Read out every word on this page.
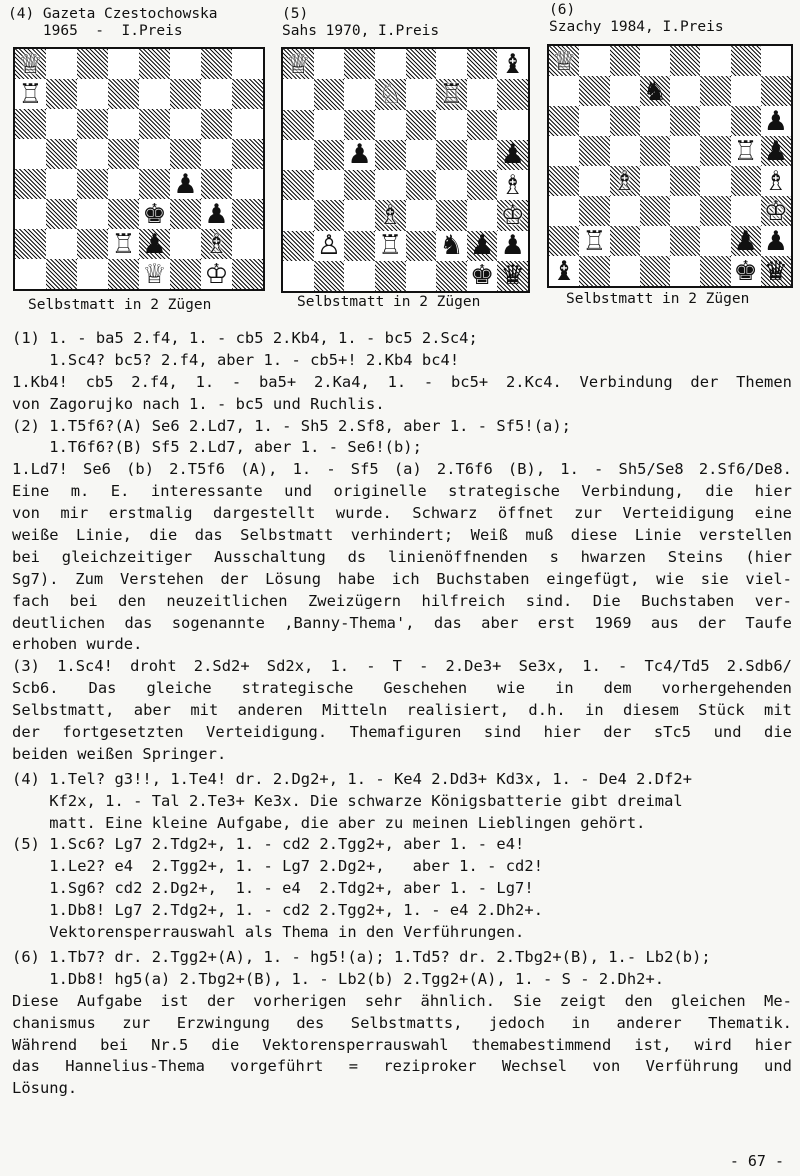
(4) Gazeta Czestochowska
1965  -  I.Preis
♕
♖
♟
♚ ♟
♖ ♟ ♗
♕ ♔
Selbstmatt in 2 Zügen
(5)
Sahs 1970, I.Preis
♕	♝
♘ ♖
♟	♟
♗
♗	♔
♙ ♖ ♞ ♟ ♟
♚ ♛
Selbstmatt in 2 Zügen
(6)
Szachy 1984, I.Preis
♕
♞
♟
♖ ♟
♗	♗
♔
♖	♟ ♟
♝	♚ ♛
Selbstmatt in 2 Zügen
(1) 1. - ba5 2.f4, 1. - cb5 2.Kb4, 1. - bc5 2.Sc4;
1.Sc4? bc5? 2.f4, aber 1. - cb5+! 2.Kb4 bc4!
1.Kb4! cb5 2.f4, 1. - ba5+ 2.Ka4, 1. - bc5+ 2.Kc4. Verbindung der Themen
von Zagorujko nach 1. - bc5 und Ruchlis.
(2) 1.T5f6?(A) Se6 2.Ld7, 1. - Sh5 2.Sf8, aber 1. - Sf5!(a);
1.T6f6?(B) Sf5 2.Ld7, aber 1. - Se6!(b);
1.Ld7! Se6 (b) 2.T5f6 (A), 1. - Sf5 (a) 2.T6f6 (B), 1. - Sh5/Se8 2.Sf6/De8.
Eine m. E. interessante und originelle strategische Verbindung, die hier
von mir erstmalig dargestellt wurde. Schwarz öffnet zur Verteidigung eine
weiße Linie, die das Selbstmatt verhindert; Weiß muß diese Linie verstellen
bei gleichzeitiger Ausschaltung ds linienöffnenden s hwarzen Steins (hier
Sg7). Zum Verstehen der Lösung habe ich Buchstaben eingefügt, wie sie viel-
fach bei den neuzeitlichen Zweizügern hilfreich sind. Die Buchstaben ver-
deutlichen das sogenannte ‚Banny-Thema', das aber erst 1969 aus der Taufe
erhoben wurde.
(3) 1.Sc4! droht 2.Sd2+ Sd2x, 1. - T - 2.De3+ Se3x, 1. - Tc4/Td5 2.Sdb6/
Scb6. Das gleiche strategische Geschehen wie in dem vorhergehenden
Selbstmatt, aber mit anderen Mitteln realisiert, d.h. in diesem Stück mit
der fortgesetzten Verteidigung. Themafiguren sind hier der sTc5 und die
beiden weißen Springer.
(4) 1.Tel? g3!!, 1.Te4! dr. 2.Dg2+, 1. - Ke4 2.Dd3+ Kd3x, 1. - De4 2.Df2+
Kf2x, 1. - Tal 2.Te3+ Ke3x. Die schwarze Königsbatterie gibt dreimal
matt. Eine kleine Aufgabe, die aber zu meinen Lieblingen gehört.
(5) 1.Sc6? Lg7 2.Tdg2+, 1. - cd2 2.Tgg2+, aber 1. - e4!
1.Le2? e4  2.Tgg2+, 1. - Lg7 2.Dg2+,   aber 1. - cd2!
1.Sg6? cd2 2.Dg2+,  1. - e4  2.Tdg2+, aber 1. - Lg7!
1.Db8! Lg7 2.Tdg2+, 1. - cd2 2.Tgg2+, 1. - e4 2.Dh2+.
Vektorensperrauswahl als Thema in den Verführungen.
(6) 1.Tb7? dr. 2.Tgg2+(A), 1. - hg5!(a); 1.Td5? dr. 2.Tbg2+(B), 1.- Lb2(b);
1.Db8! hg5(a) 2.Tbg2+(B), 1. - Lb2(b) 2.Tgg2+(A), 1. - S - 2.Dh2+.
Diese Aufgabe ist der vorherigen sehr ähnlich. Sie zeigt den gleichen Me-
chanismus zur Erzwingung des Selbstmatts, jedoch in anderer Thematik.
Während bei Nr.5 die Vektorensperrauswahl themabestimmend ist, wird hier
das Hannelius-Thema vorgeführt = reziproker Wechsel von Verführung und
Lösung.
- 67 -
